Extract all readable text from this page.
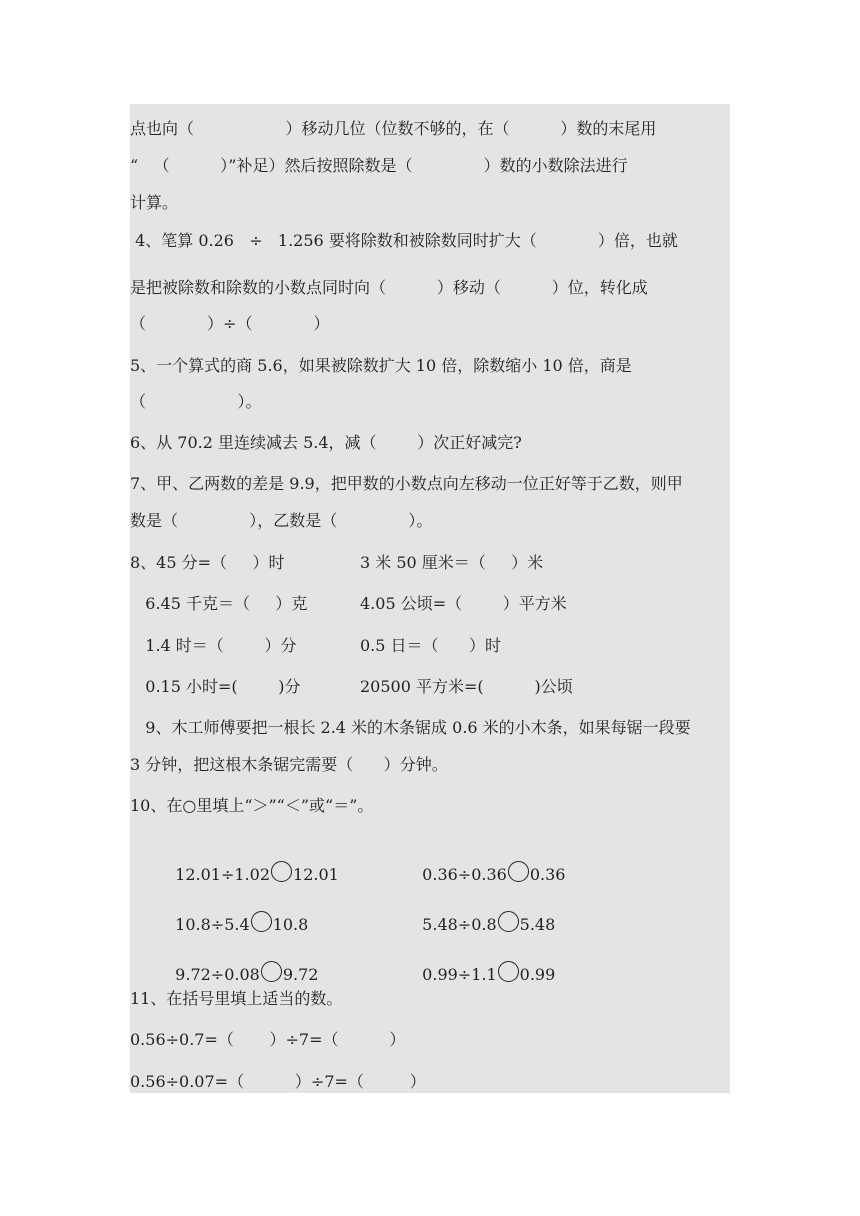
点也向（                  ）移动几位（位数不够的，在（          ）数的末尾用
“   （          ）”补足）然后按照除数是（              ）数的小数除法进行
计算。
4、笔算 0.26   ÷   1.256 要将除数和被除数同时扩大（            ）倍，也就
是把被除数和除数的小数点同时向（          ）移动（          ）位，转化成
（            ）÷（            ）
5、一个算式的商 5.6，如果被除数扩大 10 倍，除数缩小 10 倍，商是
（                  ）。
6、从 70.2 里连续减去 5.4，减（        ）次正好减完?
7、甲、乙两数的差是 9.9，把甲数的小数点向左移动一位正好等于乙数，则甲
数是（              ），乙数是（              ）。
8、45 分=（     ）时	3 米 50 厘米＝（     ）米
6.45 千克＝（     ）克	4.05 公顷=（        ）平方米
1.4 时＝（        ）分	0.5 日＝（      ）时
0.15 小时=(        )分	20500 平方米=(          )公顷
9、木工师傅要把一根长 2.4 米的木条锯成 0.6 米的小木条，如果每锯一段要
3 分钟，把这根木条锯完需要（      ）分钟。
10、在○里填上“＞”“＜”或“＝”。

12.01÷1.02 12.01	0.36÷0.36 0.36

10.8÷5.4 10.8	5.48÷0.8 5.48

9.72÷0.08 9.72	0.99÷1.1 0.99

11、在括号里填上适当的数。
0.56÷0.7=（       ）÷7=（          ）
0.56÷0.07=（          ）÷7=（         ）
